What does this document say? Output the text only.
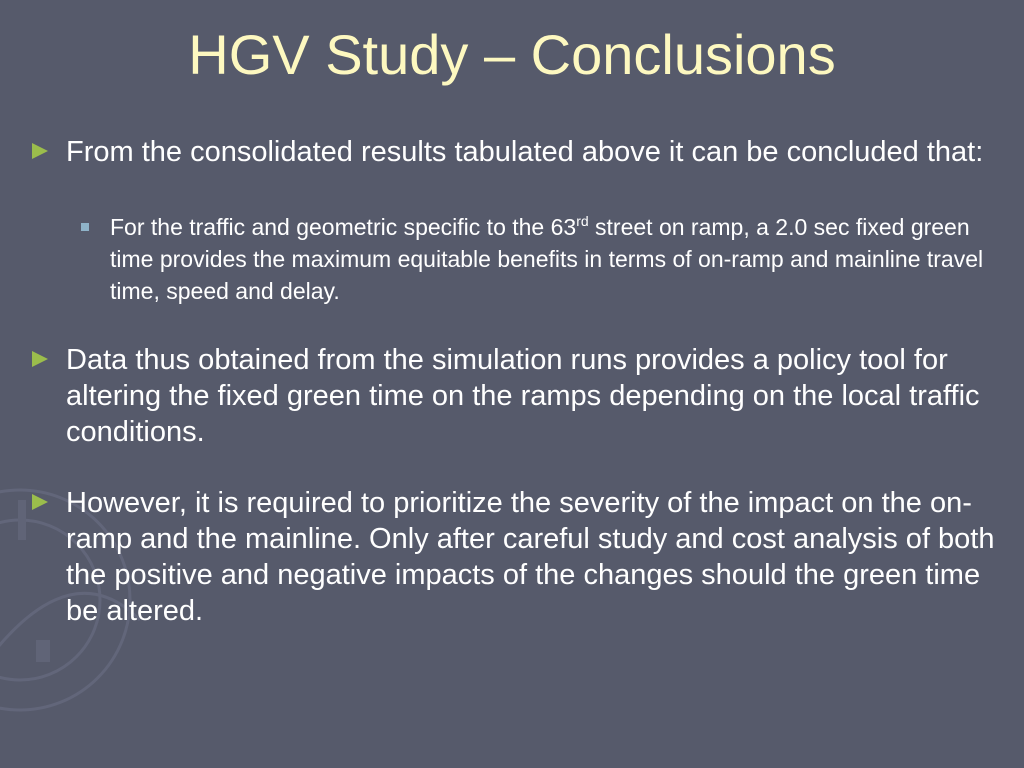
HGV Study – Conclusions
From the consolidated results tabulated above it can be concluded that:
For the traffic and geometric specific to the 63rd street on ramp, a 2.0 sec fixed green time provides the maximum equitable benefits in terms of on-ramp and mainline travel time, speed and delay.
Data thus obtained from the simulation runs provides a policy tool for altering the fixed green time on the ramps depending on the local traffic conditions.
However, it is required to prioritize the severity of the impact on the on-ramp and the mainline. Only after careful study and cost analysis of both the positive and negative impacts of the changes should the green time be altered.
